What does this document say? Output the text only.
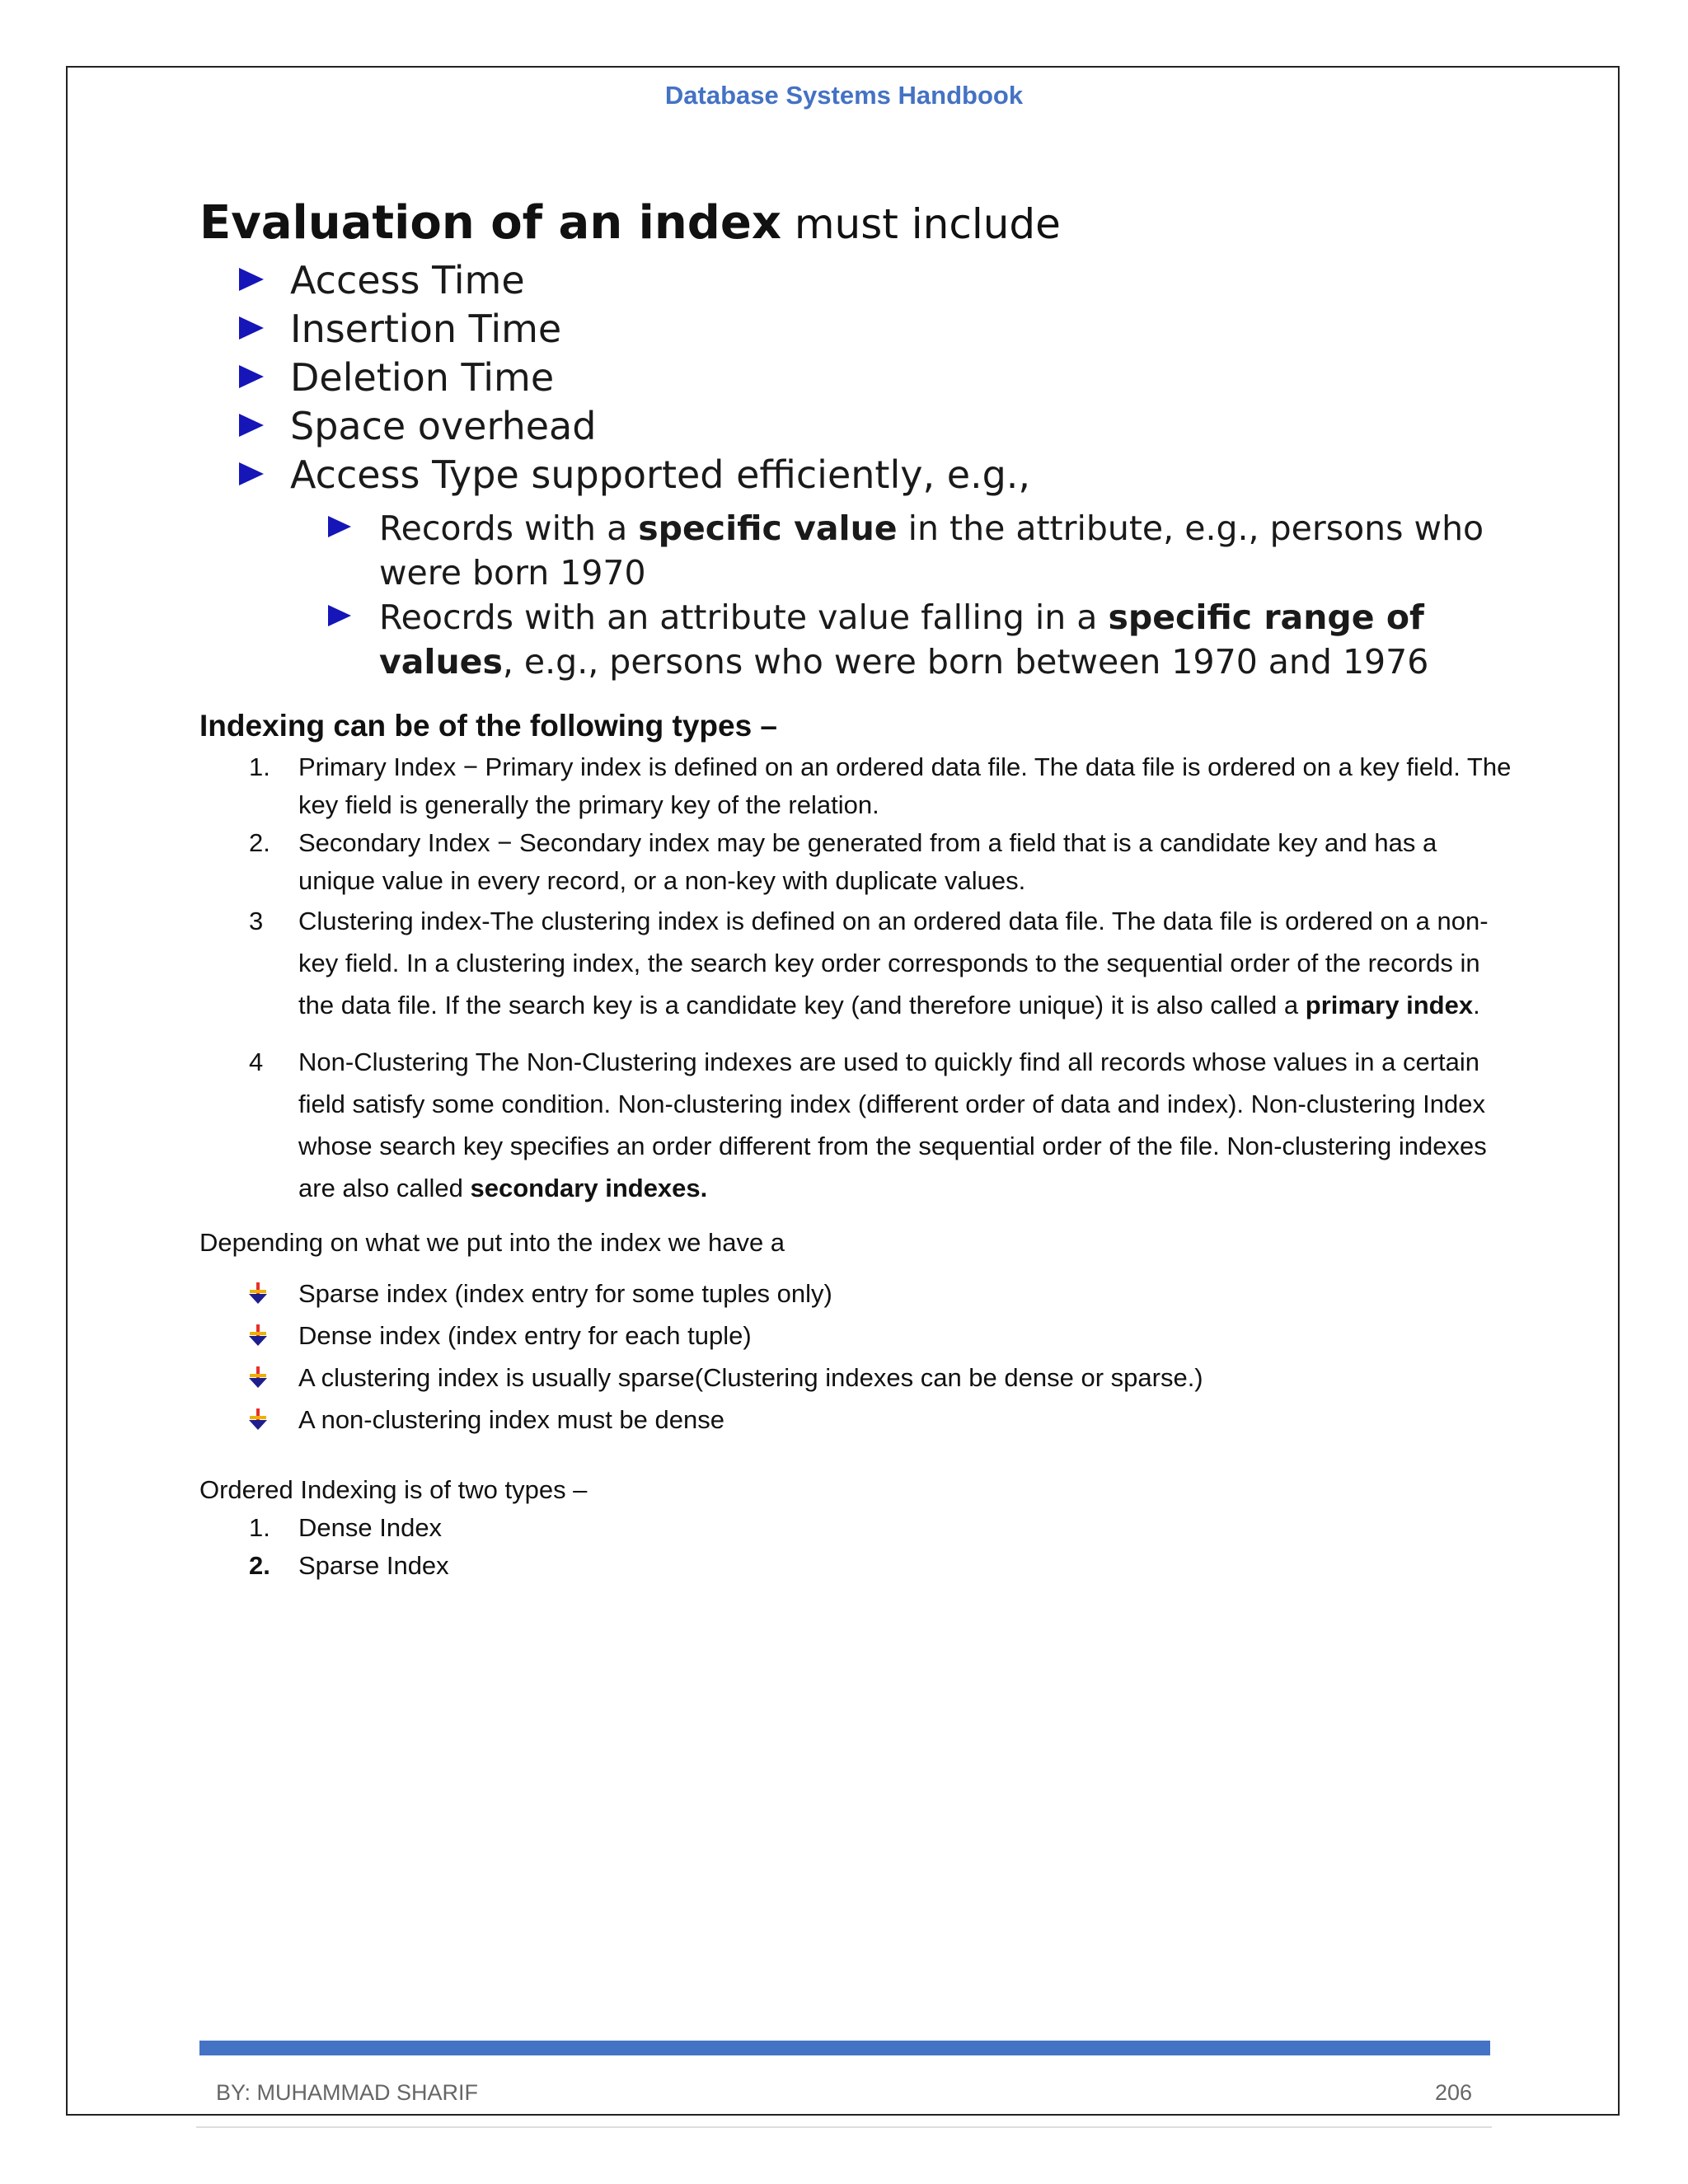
Database Systems Handbook

Evaluation of an index must include

Access Time
Insertion Time
Deletion Time
Space overhead
Access Type supported efficiently, e.g.,
Records with a specific value in the attribute, e.g., persons who were born 1970
Reocrds with an attribute value falling in a specific range of values, e.g., persons who were born between 1970 and 1976
Indexing can be of the following types –
1. Primary Index − Primary index is defined on an ordered data file. The data file is ordered on a key field. The key field is generally the primary key of the relation.
2. Secondary Index − Secondary index may be generated from a field that is a candidate key and has a unique value in every record, or a non-key with duplicate values.
3 Clustering index-The clustering index is defined on an ordered data file. The data file is ordered on a non-key field. In a clustering index, the search key order corresponds to the sequential order of the records in the data file. If the search key is a candidate key (and therefore unique) it is also called a primary index.
4 Non-Clustering The Non-Clustering indexes are used to quickly find all records whose values in a certain field satisfy some condition. Non-clustering index (different order of data and index). Non-clustering Index whose search key specifies an order different from the sequential order of the file. Non-clustering indexes are also called secondary indexes.
Depending on what we put into the index we have a
Sparse index (index entry for some tuples only)
Dense index (index entry for each tuple)
A clustering index is usually sparse(Clustering indexes can be dense or sparse.)
A non-clustering index must be dense
Ordered Indexing is of two types –
1. Dense Index
2. Sparse Index
BY: MUHAMMAD SHARIF	206
